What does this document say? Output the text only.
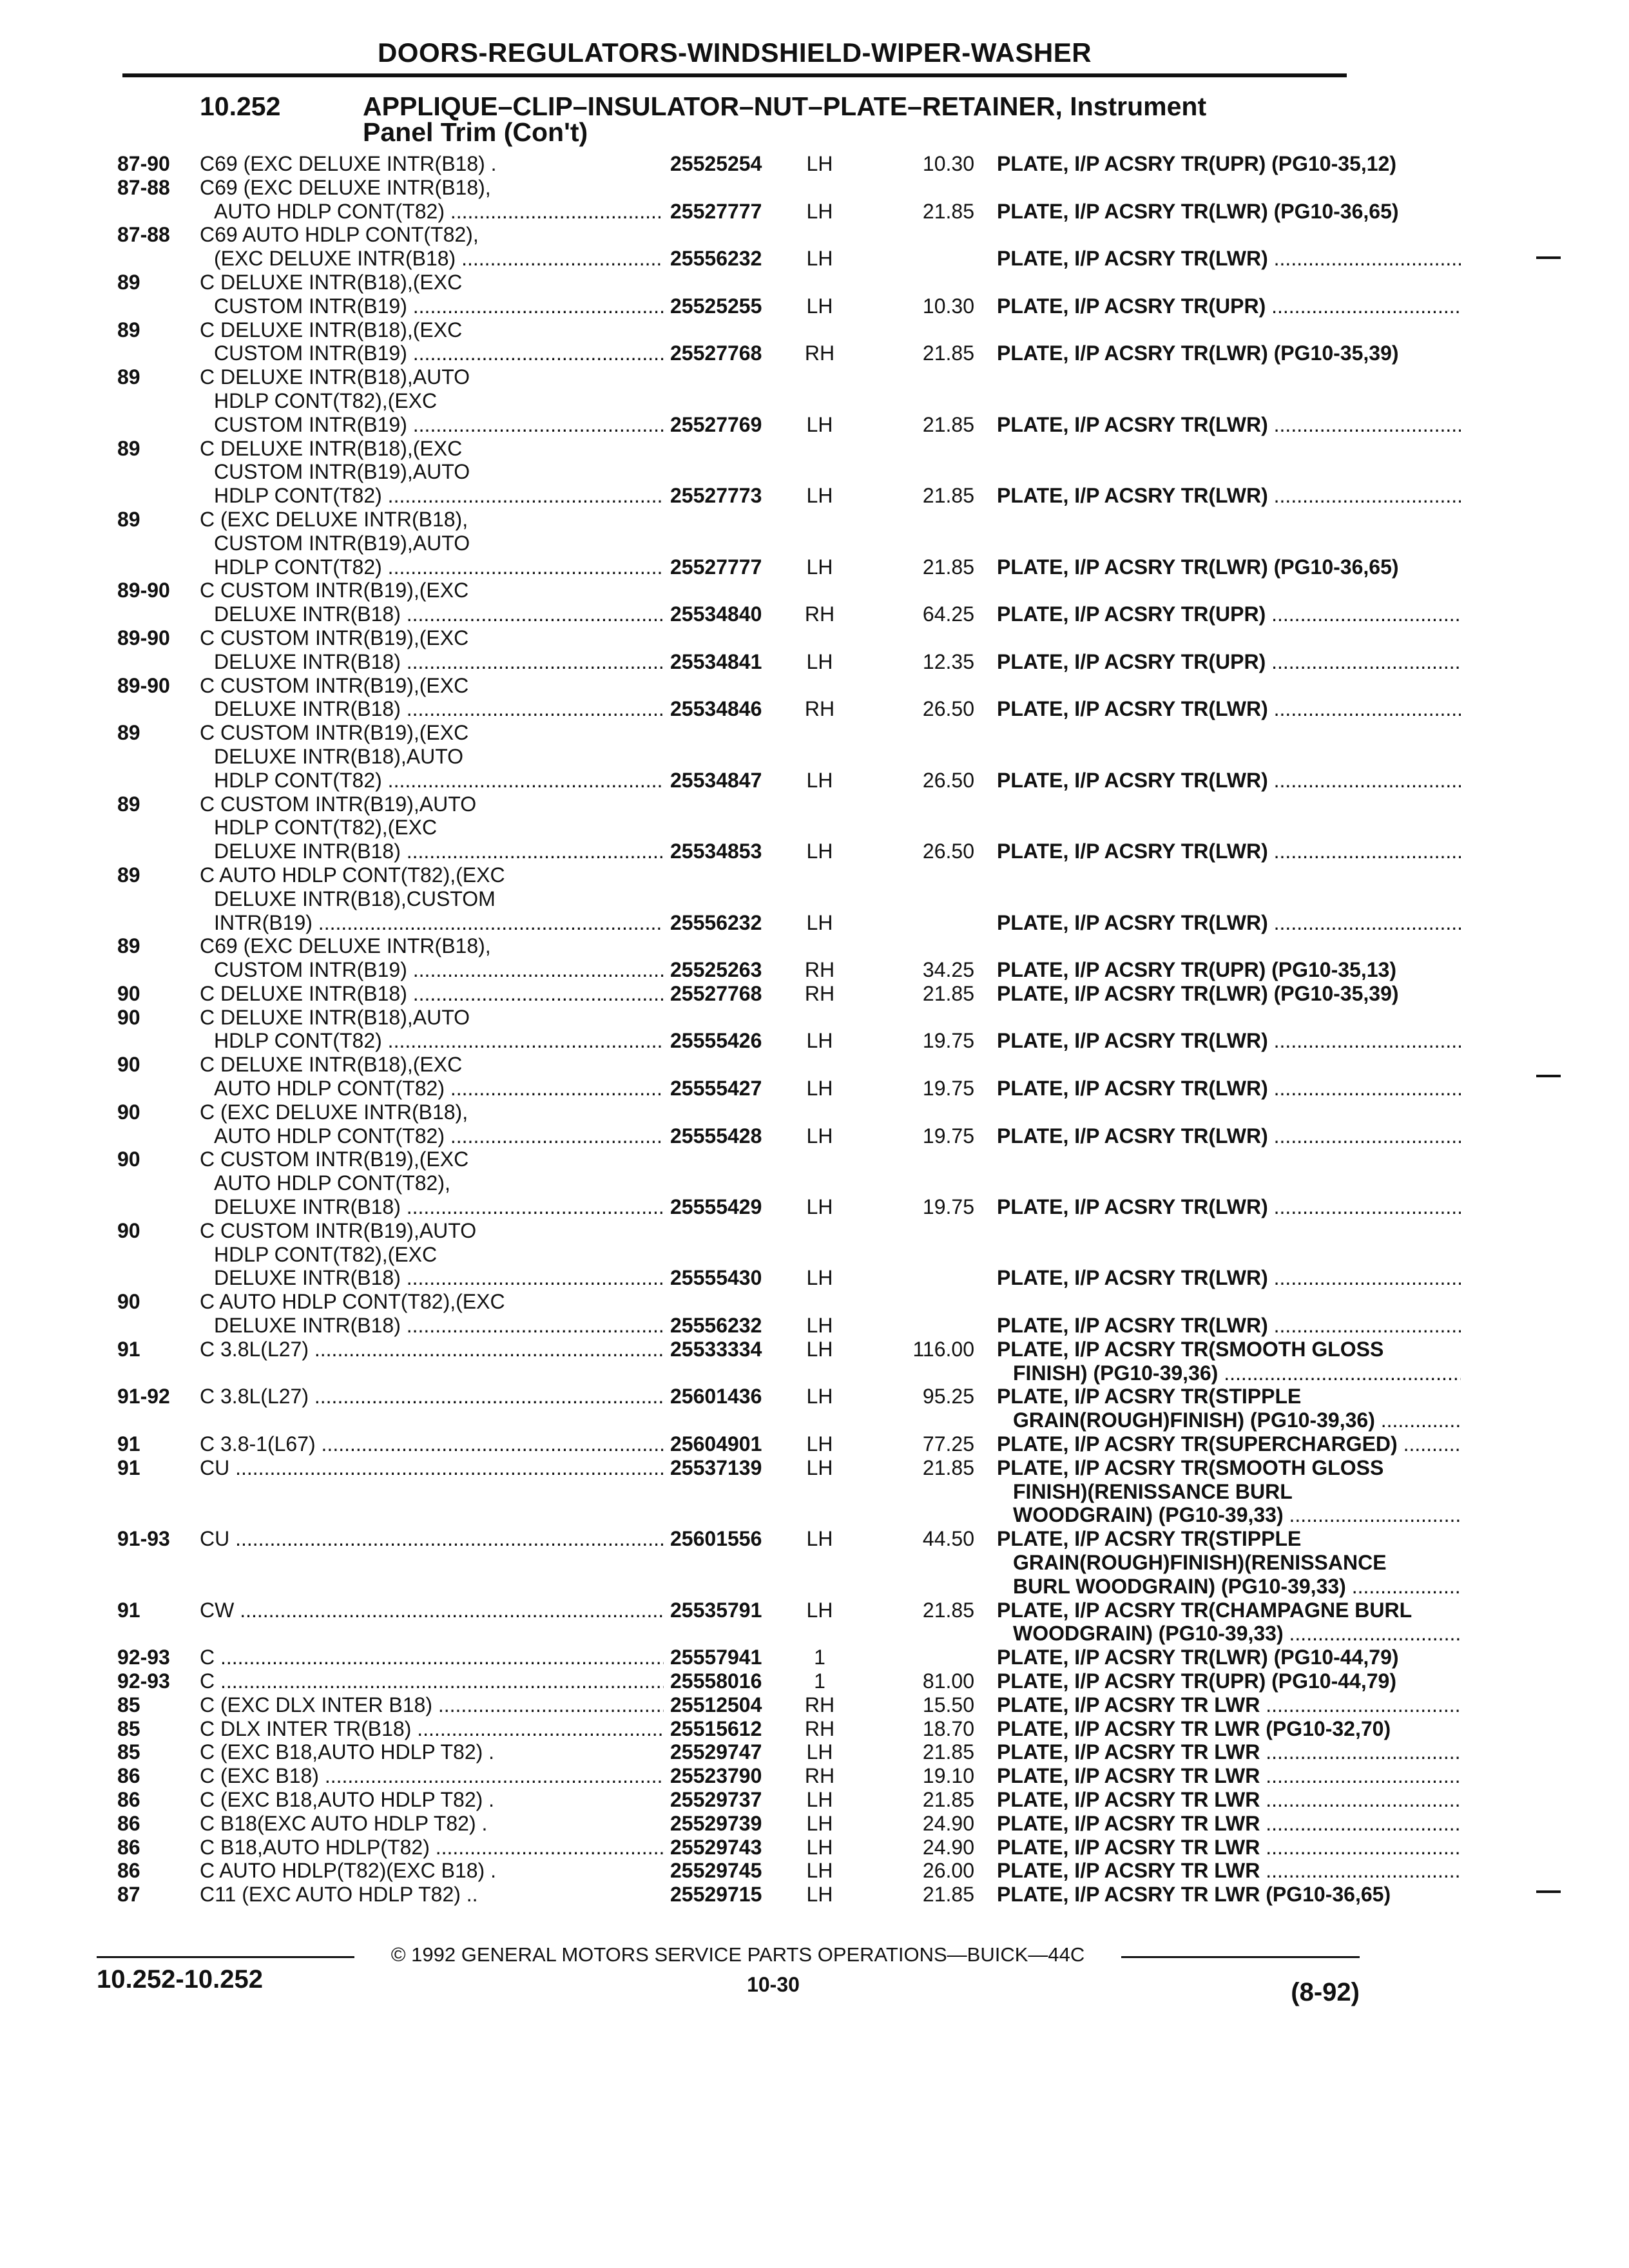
DOORS-REGULATORS-WINDSHIELD-WIPER-WASHER
10.252	APPLIQUE–CLIP–INSULATOR–NUT–PLATE–RETAINER, Instrument
Panel Trim (Con't)
87-90	C69 (EXC DELUXE INTR(B18) .	25525254	LH	10.30 PLATE, I/P ACSRY TR(UPR) (PG10-35,12)
87-88	C69 (EXC DELUXE INTR(B18),
AUTO HDLP CONT(T82) .....	25527777	LH	21.85 PLATE, I/P ACSRY TR(LWR) (PG10-36,65)
87-88	C69 AUTO HDLP CONT(T82),
(EXC DELUXE INTR(B18) .....	25556232	LH	PLATE, I/P ACSRY TR(LWR) .....
89	C DELUXE INTR(B18),(EXC
CUSTOM INTR(B19) .....	25525255	LH	10.30 PLATE, I/P ACSRY TR(UPR) .....
89	C DELUXE INTR(B18),(EXC
CUSTOM INTR(B19) .....	25527768	RH	21.85 PLATE, I/P ACSRY TR(LWR) (PG10-35,39)
89	C DELUXE INTR(B18),AUTO
HDLP CONT(T82),(EXC
CUSTOM INTR(B19) .....	25527769	LH	21.85 PLATE, I/P ACSRY TR(LWR) .....
89	C DELUXE INTR(B18),(EXC
CUSTOM INTR(B19),AUTO
HDLP CONT(T82) .....	25527773	LH	21.85 PLATE, I/P ACSRY TR(LWR) .....
89	C (EXC DELUXE INTR(B18),
CUSTOM INTR(B19),AUTO
HDLP CONT(T82) .....	25527777	LH	21.85 PLATE, I/P ACSRY TR(LWR) (PG10-36,65)
89-90	C CUSTOM INTR(B19),(EXC
DELUXE INTR(B18) .....	25534840	RH	64.25 PLATE, I/P ACSRY TR(UPR) .....
89-90	C CUSTOM INTR(B19),(EXC
DELUXE INTR(B18) .....	25534841	LH	12.35 PLATE, I/P ACSRY TR(UPR) .....
89-90	C CUSTOM INTR(B19),(EXC
DELUXE INTR(B18) .....	25534846	RH	26.50 PLATE, I/P ACSRY TR(LWR) .....
89	C CUSTOM INTR(B19),(EXC
DELUXE INTR(B18),AUTO
HDLP CONT(T82) .....	25534847	LH	26.50 PLATE, I/P ACSRY TR(LWR) .....
89	C CUSTOM INTR(B19),AUTO
HDLP CONT(T82),(EXC
DELUXE INTR(B18) .....	25534853	LH	26.50 PLATE, I/P ACSRY TR(LWR) .....
89	C AUTO HDLP CONT(T82),(EXC
DELUXE INTR(B18),CUSTOM
INTR(B19) .....	25556232	LH	PLATE, I/P ACSRY TR(LWR) .....
89	C69 (EXC DELUXE INTR(B18),
CUSTOM INTR(B19) .....	25525263	RH	34.25 PLATE, I/P ACSRY TR(UPR) (PG10-35,13)
90	C DELUXE INTR(B18) .....	25527768	RH	21.85 PLATE, I/P ACSRY TR(LWR) (PG10-35,39)
90	C DELUXE INTR(B18),AUTO
HDLP CONT(T82) .....	25555426	LH	19.75 PLATE, I/P ACSRY TR(LWR) .....
90	C DELUXE INTR(B18),(EXC
AUTO HDLP CONT(T82) .....	25555427	LH	19.75 PLATE, I/P ACSRY TR(LWR) .....
90	C (EXC DELUXE INTR(B18),
AUTO HDLP CONT(T82) .....	25555428	LH	19.75 PLATE, I/P ACSRY TR(LWR) .....
90	C CUSTOM INTR(B19),(EXC
AUTO HDLP CONT(T82),
DELUXE INTR(B18) .....	25555429	LH	19.75 PLATE, I/P ACSRY TR(LWR) .....
90	C CUSTOM INTR(B19),AUTO
HDLP CONT(T82),(EXC
DELUXE INTR(B18) .....	25555430	LH	PLATE, I/P ACSRY TR(LWR) .....
90	C AUTO HDLP CONT(T82),(EXC
DELUXE INTR(B18) .....	25556232	LH	PLATE, I/P ACSRY TR(LWR) .....
91	C 3.8L(L27) .....	25533334	LH	116.00 PLATE, I/P ACSRY TR(SMOOTH GLOSS
FINISH) (PG10-39,36) .....
91-92	C 3.8L(L27) .....	25601436	LH	95.25 PLATE, I/P ACSRY TR(STIPPLE
GRAIN(ROUGH)FINISH) (PG10-39,36) .....
91	C 3.8-1(L67) .....	25604901	LH	77.25 PLATE, I/P ACSRY TR(SUPERCHARGED) .....
91	CU .....	25537139	LH	21.85 PLATE, I/P ACSRY TR(SMOOTH GLOSS
FINISH)(RENISSANCE BURL
WOODGRAIN) (PG10-39,33) .....
91-93	CU .....	25601556	LH	44.50 PLATE, I/P ACSRY TR(STIPPLE
GRAIN(ROUGH)FINISH)(RENISSANCE
BURL WOODGRAIN) (PG10-39,33) .....
91	CW .....	25535791	LH	21.85 PLATE, I/P ACSRY TR(CHAMPAGNE BURL
WOODGRAIN) (PG10-39,33) .....
92-93	C .....	25557941	1	PLATE, I/P ACSRY TR(LWR) (PG10-44,79)
92-93	C .....	25558016	1	81.00 PLATE, I/P ACSRY TR(UPR) (PG10-44,79)
85	C (EXC DLX INTER B18) .....	25512504	RH	15.50 PLATE, I/P ACSRY TR LWR .....
85	C DLX INTER TR(B18) .....	25515612	RH	18.70 PLATE, I/P ACSRY TR LWR (PG10-32,70)
85	C (EXC B18,AUTO HDLP T82) .	25529747	LH	21.85 PLATE, I/P ACSRY TR LWR .....
86	C (EXC B18) .....	25523790	RH	19.10 PLATE, I/P ACSRY TR LWR .....
86	C (EXC B18,AUTO HDLP T82) .	25529737	LH	21.85 PLATE, I/P ACSRY TR LWR .....
86	C B18(EXC AUTO HDLP T82) .	25529739	LH	24.90 PLATE, I/P ACSRY TR LWR .....
86	C B18,AUTO HDLP(T82) .....	25529743	LH	24.90 PLATE, I/P ACSRY TR LWR .....
86	C AUTO HDLP(T82)(EXC B18) .	25529745	LH	26.00 PLATE, I/P ACSRY TR LWR .....
87	C11 (EXC AUTO HDLP T82) ..	25529715	LH	21.85 PLATE, I/P ACSRY TR LWR (PG10-36,65)
© 1992 GENERAL MOTORS SERVICE PARTS OPERATIONS—BUICK—44C
10.252-10.252	10-30	(8-92)
